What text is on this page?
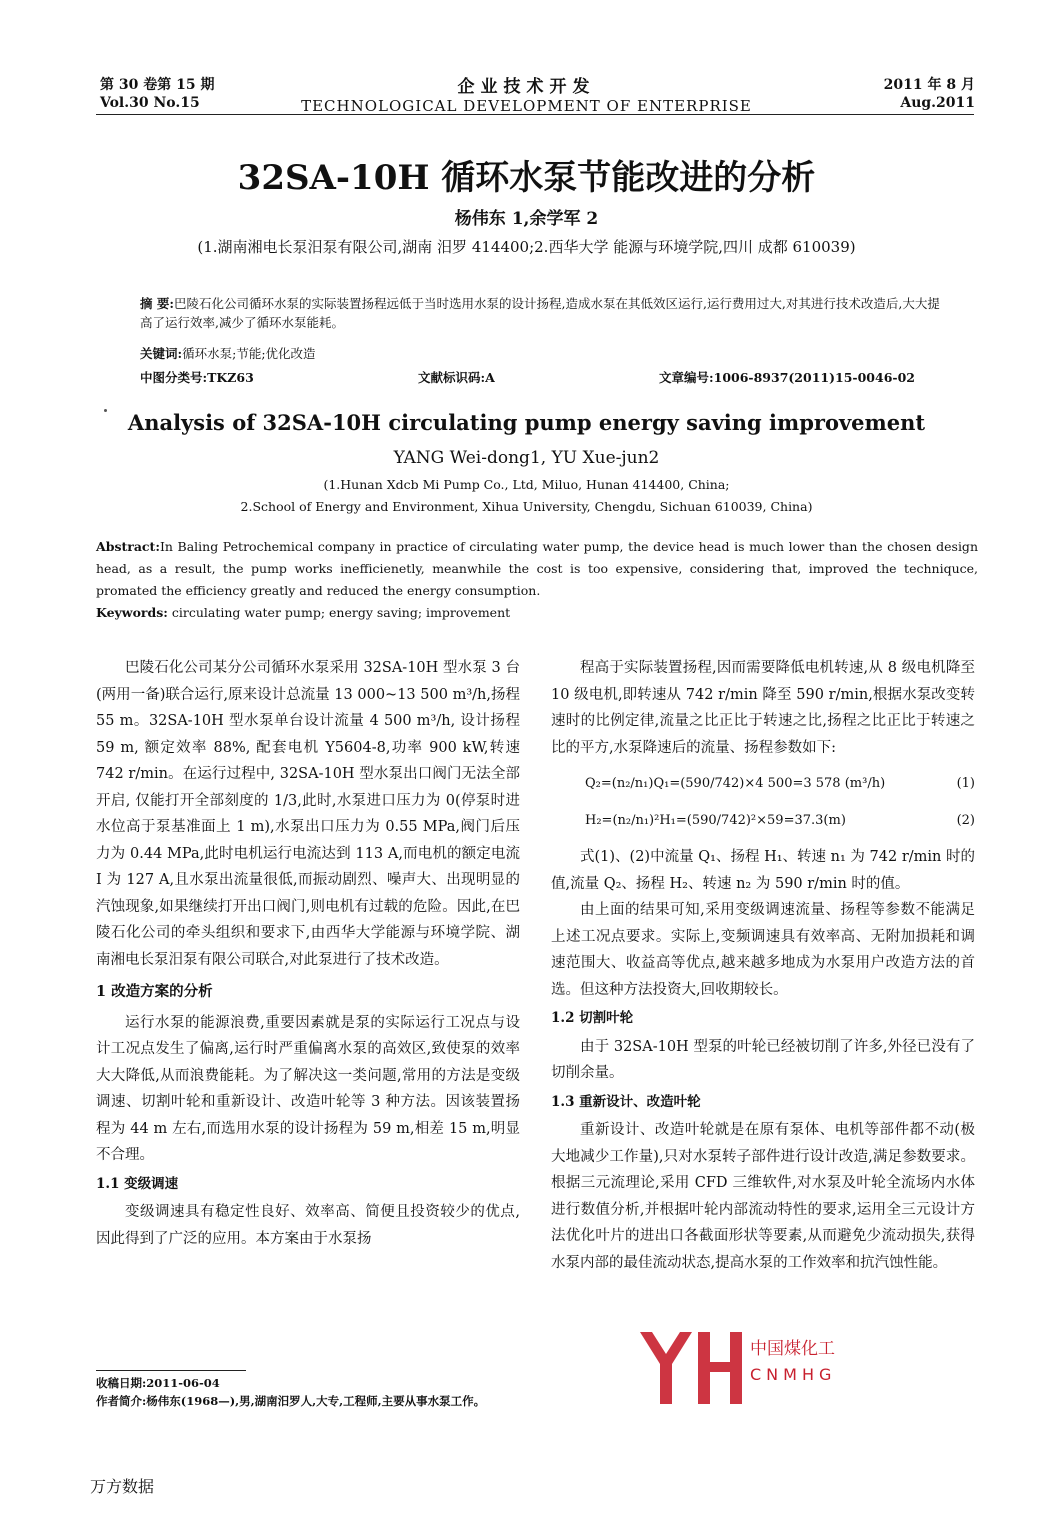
第 30 卷第 15 期
Vol.30 No.15
企业技术开发
TECHNOLOGICAL DEVELOPMENT OF ENTERPRISE
2011 年 8 月
Aug.2011
32SA-10H 循环水泵节能改进的分析
杨伟东 1,余学军 2
(1.湖南湘电长泵汨泵有限公司,湖南 汨罗 414400;2.西华大学 能源与环境学院,四川 成都 610039)
摘 要:巴陵石化公司循环水泵的实际装置扬程远低于当时选用水泵的设计扬程,造成水泵在其低效区运行,运行费用过大,对其进行技术改造后,大大提高了运行效率,减少了循环水泵能耗。
关键词:循环水泵;节能;优化改造
中图分类号:TKZ63	文献标识码:A	文章编号:1006-8937(2011)15-0046-02
Analysis of 32SA-10H circulating pump energy saving improvement
YANG Wei-dong1, YU Xue-jun2
(1.Hunan Xdcb Mi Pump Co., Ltd, Miluo, Hunan 414400, China;
2.School of Energy and Environment, Xihua University, Chengdu, Sichuan 610039, China)
Abstract:In Baling Petrochemical company in practice of circulating water pump, the device head is much lower than the chosen design head, as a result, the pump works inefficienetly, meanwhile the cost is too expensive, considering that, improved the techniquce, promated the efficiency greatly and reduced the energy consumption.
Keywords: circulating water pump; energy saving; improvement

巴陵石化公司某分公司循环水泵采用 32SA-10H 型水泵 3 台(两用一备)联合运行,原来设计总流量 13 000~13 500 m³/h,扬程 55 m。32SA-10H 型水泵单台设计流量 4 500 m³/h, 设计扬程 59 m, 额定效率 88%, 配套电机 Y5604-8,功率 900 kW,转速 742 r/min。在运行过程中, 32SA-10H 型水泵出口阀门无法全部开启, 仅能打开全部刻度的 1/3,此时,水泵进口压力为 0(停泵时进水位高于泵基准面上 1 m),水泵出口压力为 0.55 MPa,阀门后压力为 0.44 MPa,此时电机运行电流达到 113 A,而电机的额定电流 I 为 127 A,且水泵出流量很低,而振动剧烈、噪声大、出现明显的汽蚀现象,如果继续打开出口阀门,则电机有过载的危险。因此,在巴陵石化公司的牵头组织和要求下,由西华大学能源与环境学院、湖南湘电长泵汨泵有限公司联合,对此泵进行了技术改造。

1 改造方案的分析

运行水泵的能源浪费,重要因素就是泵的实际运行工况点与设计工况点发生了偏离,运行时严重偏离水泵的高效区,致使泵的效率大大降低,从而浪费能耗。为了解决这一类问题,常用的方法是变级调速、切割叶轮和重新设计、改造叶轮等 3 种方法。因该装置扬程为 44 m 左右,而选用水泵的设计扬程为 59 m,相差 15 m,明显不合理。

1.1 变级调速

变级调速具有稳定性良好、效率高、简便且投资较少的优点,因此得到了广泛的应用。本方案由于水泵扬

收稿日期:2011-06-04
作者简介:杨伟东(1968—),男,湖南汨罗人,大专,工程师,主要从事水泵工作。

程高于实际装置扬程,因而需要降低电机转速,从 8 级电机降至 10 级电机,即转速从 742 r/min 降至 590 r/min,根据水泵改变转速时的比例定律,流量之比正比于转速之比,扬程之比正比于转速之比的平方,水泵降速后的流量、扬程参数如下:

Q₂=(n₂/n₁)Q₁=(590/742)×4 500=3 578 (m³/h)	(1)
H₂=(n₂/n₁)²H₁=(590/742)²×59=37.3(m)	(2)

式(1)、(2)中流量 Q₁、扬程 H₁、转速 n₁ 为 742 r/min 时的值,流量 Q₂、扬程 H₂、转速 n₂ 为 590 r/min 时的值。

由上面的结果可知,采用变级调速流量、扬程等参数不能满足上述工况点要求。实际上,变频调速具有效率高、无附加损耗和调速范围大、收益高等优点,越来越多地成为水泵用户改造方法的首选。但这种方法投资大,回收期较长。

1.2 切割叶轮

由于 32SA-10H 型泵的叶轮已经被切削了许多,外径已没有了切削余量。

1.3 重新设计、改造叶轮

重新设计、改造叶轮就是在原有泵体、电机等部件都不动(极大地减少工作量),只对水泵转子部件进行设计改造,满足参数要求。根据三元流理论,采用 CFD 三维软件,对水泵及叶轮全流场内水体进行数值分析,并根据叶轮内部流动特性的要求,运用全三元设计方法优化叶片的进出口各截面形状等要素,从而避免少流动损失,获得水泵内部的最佳流动状态,提高水泵的工作效率和抗汽蚀性能。

中国煤化工
CNMHG
万方数据
